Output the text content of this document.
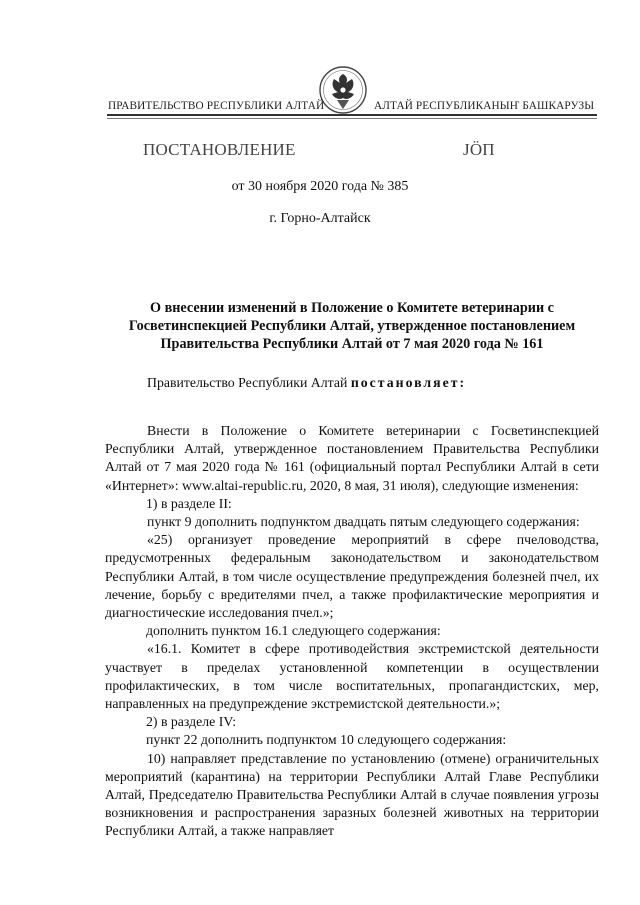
ПРАВИТЕЛЬСТВО РЕСПУБЛИКИ АЛТАЙ	АЛТАЙ РЕСПУБЛИКАНЫҤ БАШКАРУЗЫ
ПОСТАНОВЛЕНИЕ	ЈӦП
от 30 ноября 2020 года № 385
г. Горно-Алтайск
О внесении изменений в Положение о Комитете ветеринарии с
Госветинспекцией Республики Алтай, утвержденное постановлением
Правительства Республики Алтай от 7 мая 2020 года № 161
Правительство Республики Алтай постановляет:

Внести в Положение о Комитете ветеринарии с Госветинспекцией Республики Алтай, утвержденное постановлением Правительства Республики Алтай от 7 мая 2020 года № 161 (официальный портал Республики Алтай в сети «Интернет»: www.altai-republic.ru, 2020, 8 мая, 31 июля), следующие изменения:

1) в разделе II:

пункт 9 дополнить подпунктом двадцать пятым следующего содержания:

«25) организует проведение мероприятий в сфере пчеловодства, предусмотренных федеральным законодательством и законодательством Республики Алтай, в том числе осуществление предупреждения болезней пчел, их лечение, борьбу с вредителями пчел, а также профилактические мероприятия и диагностические исследования пчел.»;

дополнить пунктом 16.1 следующего содержания:

«16.1. Комитет в сфере противодействия экстремистской деятельности участвует в пределах установленной компетенции в осуществлении профилактических, в том числе воспитательных, пропагандистских, мер, направленных на предупреждение экстремистской деятельности.»;

2) в разделе IV:

пункт 22 дополнить подпунктом 10 следующего содержания:

10) направляет представление по установлению (отмене) ограничительных мероприятий (карантина) на территории Республики Алтай Главе Республики Алтай, Председателю Правительства Республики Алтай в случае появления угрозы возникновения и распространения заразных болезней животных на территории Республики Алтай, а также направляет
